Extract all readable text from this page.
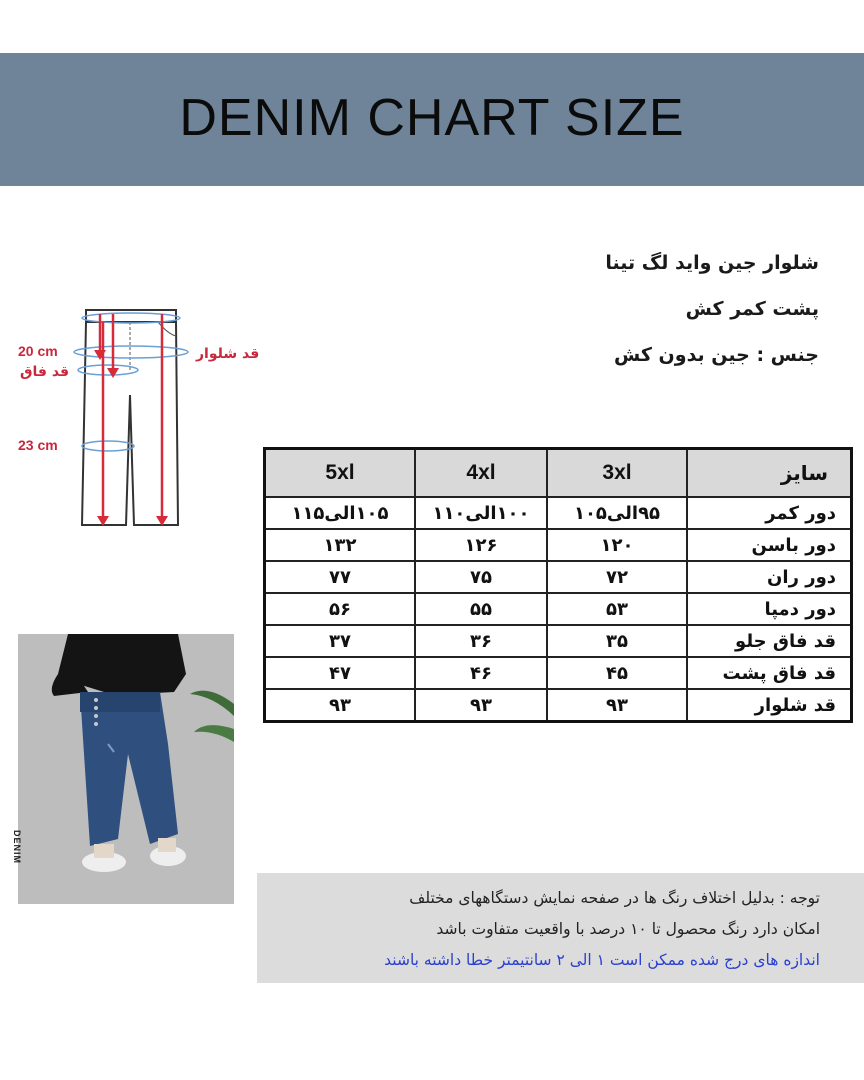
DENIM CHART SIZE
شلوار جین واید لگ تینا
پشت کمر کش
جنس : جین بدون کش
20 cm
قد فاق
23 cm
قد شلوار
5xl	4xl	3xl	سایز
۱۰۵الی۱۱۵	۱۰۰الی۱۱۰	۹۵الی۱۰۵	دور کمر
۱۳۲	۱۲۶	۱۲۰	دور باسن
۷۷	۷۵	۷۲	دور ران
۵۶	۵۵	۵۳	دور دمپا
۳۷	۳۶	۳۵	قد فاق جلو
۴۷	۴۶	۴۵	قد فاق پشت
۹۳	۹۳	۹۳	قد شلوار
DENIM
توجه : بدلیل اختلاف رنگ ها در صفحه نمایش دستگاههای مختلف
امکان دارد رنگ محصول تا ۱۰ درصد با واقعیت متفاوت باشد
اندازه های درج شده ممکن است ۱ الی ۲ سانتیمتر خطا داشته باشند
